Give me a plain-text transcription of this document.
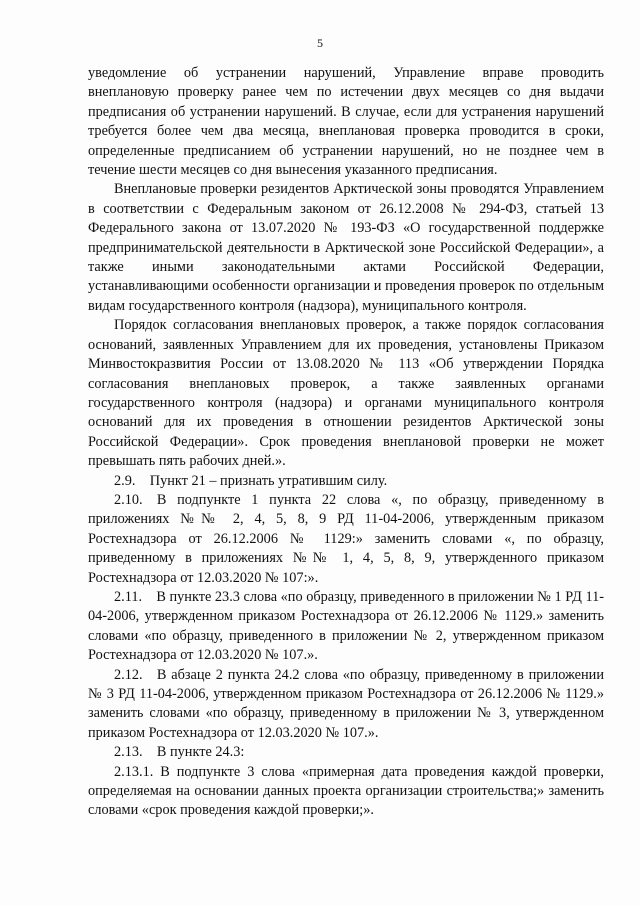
5

уведомление об устранении нарушений, Управление вправе проводить внеплановую проверку ранее чем по истечении двух месяцев со дня выдачи предписания об устранении нарушений. В случае, если для устранения нарушений требуется более чем два месяца, внеплановая проверка проводится в сроки, определенные предписанием об устранении нарушений, но не позднее чем в течение шести месяцев со дня вынесения указанного предписания.

Внеплановые проверки резидентов Арктической зоны проводятся Управлением в соответствии с Федеральным законом от 26.12.2008 № 294-ФЗ, статьей 13 Федерального закона от 13.07.2020 № 193-ФЗ «О государственной поддержке предпринимательской деятельности в Арктической зоне Российской Федерации», а также иными законодательными актами Российской Федерации, устанавливающими особенности организации и проведения проверок по отдельным видам государственного контроля (надзора), муниципального контроля.

Порядок согласования внеплановых проверок, а также порядок согласования оснований, заявленных Управлением для их проведения, установлены Приказом Минвостокразвития России от 13.08.2020 № 113 «Об утверждении Порядка согласования внеплановых проверок, а также заявленных органами государственного контроля (надзора) и органами муниципального контроля оснований для их проведения в отношении резидентов Арктической зоны Российской Федерации». Срок проведения внеплановой проверки не может превышать пять рабочих дней.».

2.9. Пункт 21 – признать утратившим силу.

2.10. В подпункте 1 пункта 22 слова «, по образцу, приведенному в приложениях №№ 2, 4, 5, 8, 9 РД 11-04-2006, утвержденным приказом Ростехнадзора от 26.12.2006 № 1129:» заменить словами «, по образцу, приведенному в приложениях №№ 1, 4, 5, 8, 9, утвержденного приказом Ростехнадзора от 12.03.2020 № 107:».

2.11. В пункте 23.3 слова «по образцу, приведенного в приложении № 1 РД 11-04-2006, утвержденном приказом Ростехнадзора от 26.12.2006 № 1129.» заменить словами «по образцу, приведенного в приложении № 2, утвержденном приказом Ростехнадзора от 12.03.2020 № 107.».

2.12. В абзаце 2 пункта 24.2 слова «по образцу, приведенному в приложении № 3 РД 11-04-2006, утвержденном приказом Ростехнадзора от 26.12.2006 № 1129.» заменить словами «по образцу, приведенному в приложении № 3, утвержденном приказом Ростехнадзора от 12.03.2020 № 107.».

2.13. В пункте 24.3:

2.13.1. В подпункте 3 слова «примерная дата проведения каждой проверки, определяемая на основании данных проекта организации строительства;» заменить словами «срок проведения каждой проверки;».
